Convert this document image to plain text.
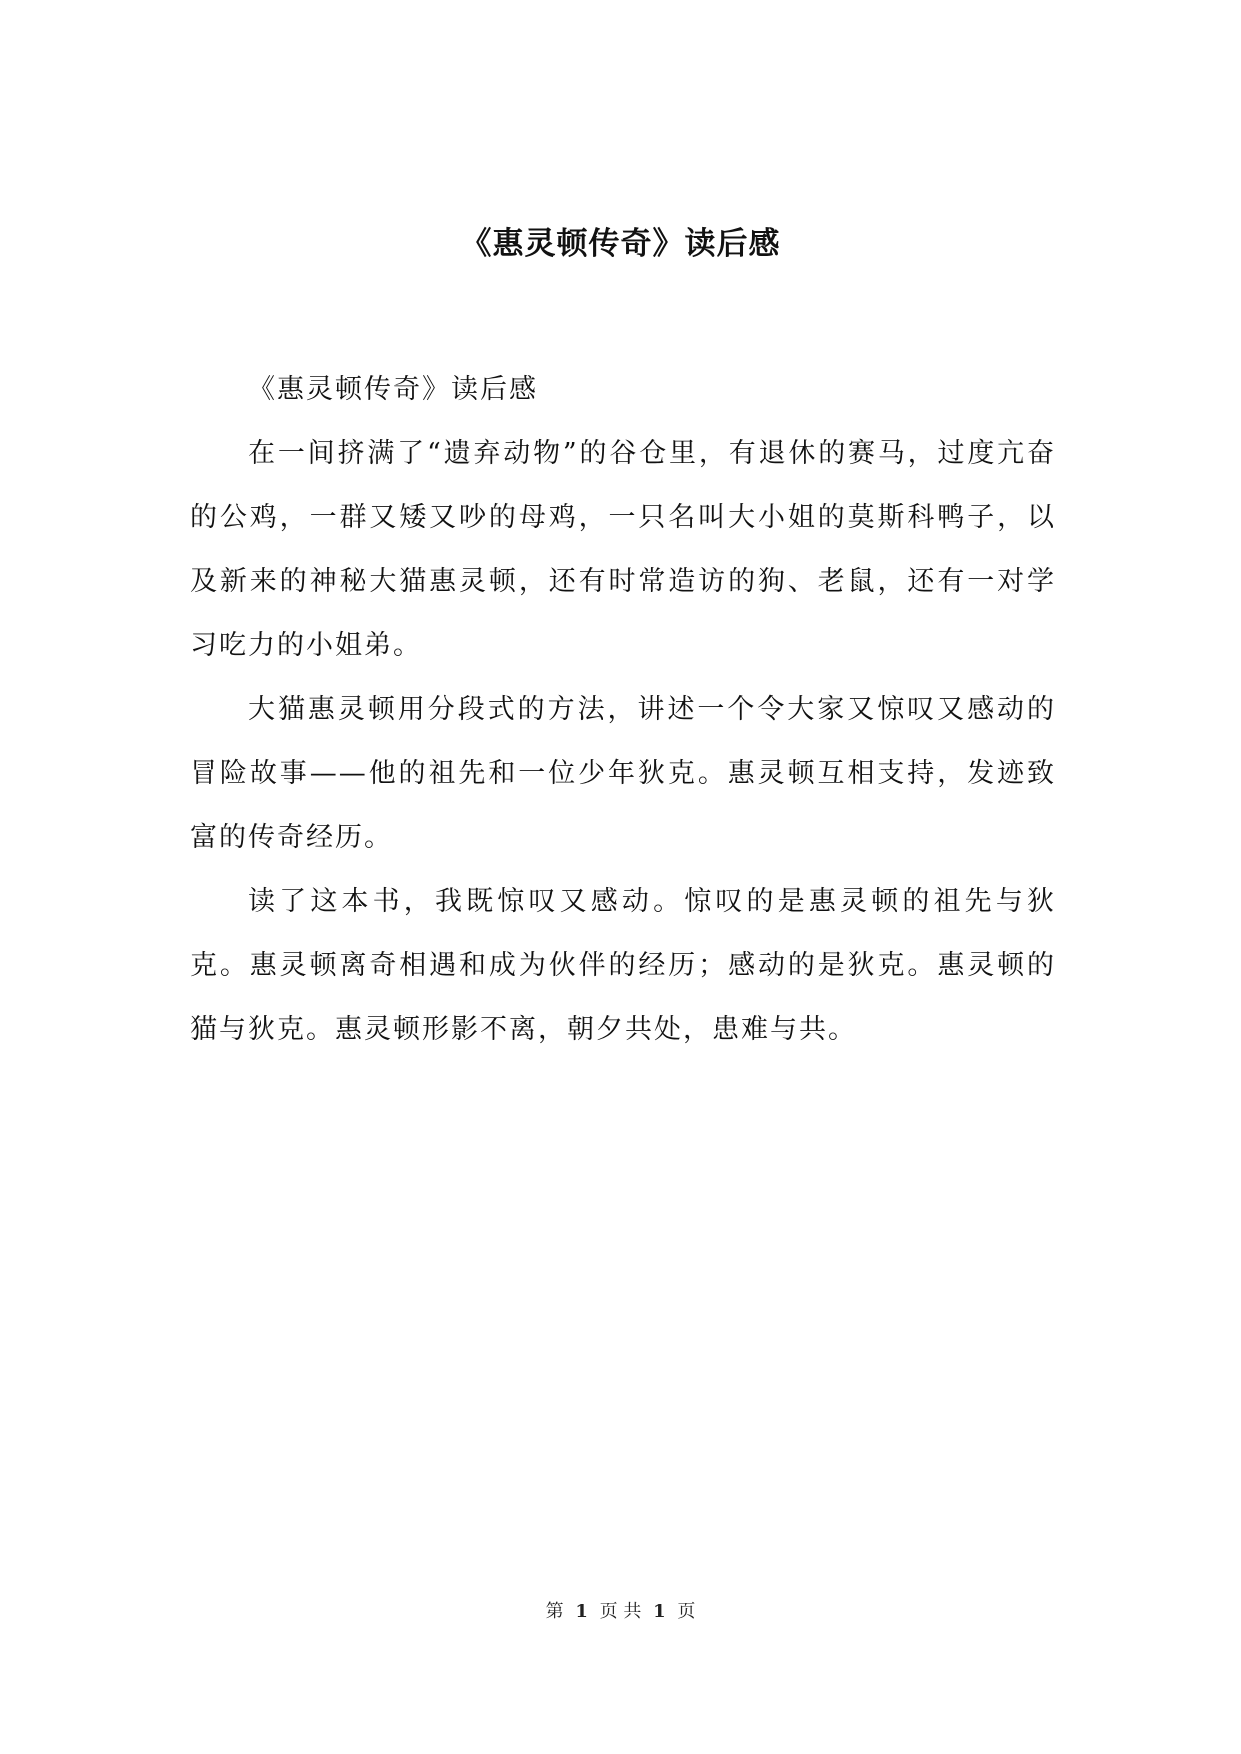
《惠灵顿传奇》读后感

《惠灵顿传奇》读后感

在一间挤满了“遗弃动物”的谷仓里，有退休的赛马，过度亢奋的公鸡，一群又矮又吵的母鸡，一只名叫大小姐的莫斯科鸭子，以及新来的神秘大猫惠灵顿，还有时常造访的狗、老鼠，还有一对学习吃力的小姐弟。

大猫惠灵顿用分段式的方法，讲述一个令大家又惊叹又感动的冒险故事——他的祖先和一位少年狄克。惠灵顿互相支持，发迹致富的传奇经历。

读了这本书，我既惊叹又感动。惊叹的是惠灵顿的祖先与狄克。惠灵顿离奇相遇和成为伙伴的经历；感动的是狄克。惠灵顿的猫与狄克。惠灵顿形影不离，朝夕共处，患难与共。

第 1 页 共 1 页
